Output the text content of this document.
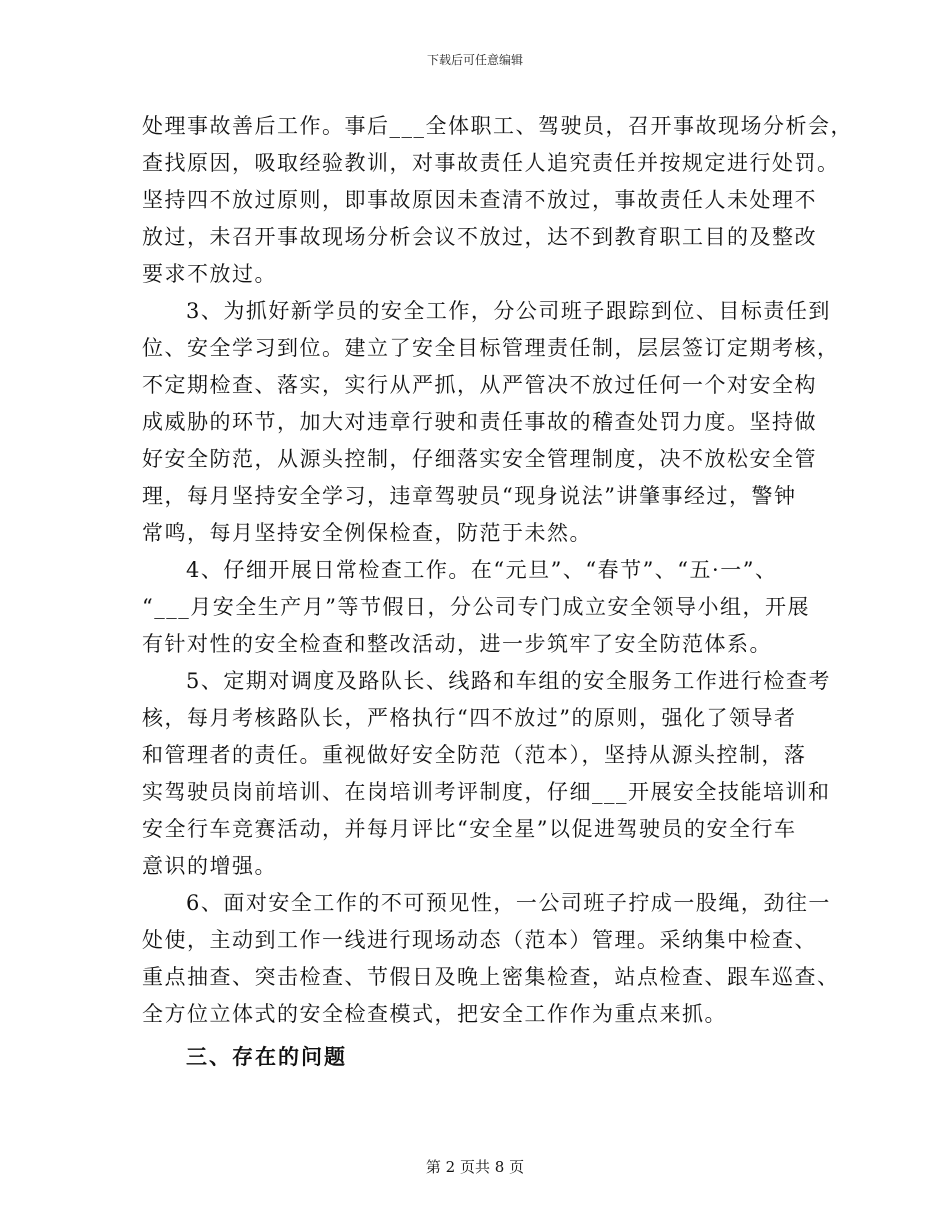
下载后可任意编辑
处理事故善后工作。事后___全体职工、驾驶员，召开事故现场分析会，
查找原因，吸取经验教训，对事故责任人追究责任并按规定进行处罚。
坚持四不放过原则，即事故原因未查清不放过，事故责任人未处理不
放过，未召开事故现场分析会议不放过，达不到教育职工目的及整改
要求不放过。
3、为抓好新学员的安全工作，分公司班子跟踪到位、目标责任到
位、安全学习到位。建立了安全目标管理责任制，层层签订定期考核，
不定期检查、落实，实行从严抓，从严管决不放过任何一个对安全构
成威胁的环节，加大对违章行驶和责任事故的稽查处罚力度。坚持做
好安全防范，从源头控制，仔细落实安全管理制度，决不放松安全管
理，每月坚持安全学习，违章驾驶员“现身说法”讲肇事经过，警钟
常鸣，每月坚持安全例保检查，防范于未然。
4、仔细开展日常检查工作。在“元旦”、“春节”、“五·一”、
“___月安全生产月”等节假日，分公司专门成立安全领导小组，开展
有针对性的安全检查和整改活动，进一步筑牢了安全防范体系。
5、定期对调度及路队长、线路和车组的安全服务工作进行检查考
核，每月考核路队长，严格执行“四不放过”的原则，强化了领导者
和管理者的责任。重视做好安全防范（范本），坚持从源头控制，落
实驾驶员岗前培训、在岗培训考评制度，仔细___开展安全技能培训和
安全行车竞赛活动，并每月评比“安全星”以促进驾驶员的安全行车
意识的增强。
6、面对安全工作的不可预见性，一公司班子拧成一股绳，劲往一
处使，主动到工作一线进行现场动态（范本）管理。采纳集中检查、
重点抽查、突击检查、节假日及晚上密集检查，站点检查、跟车巡查、
全方位立体式的安全检查模式，把安全工作作为重点来抓。
三、存在的问题
第 2 页共 8 页
